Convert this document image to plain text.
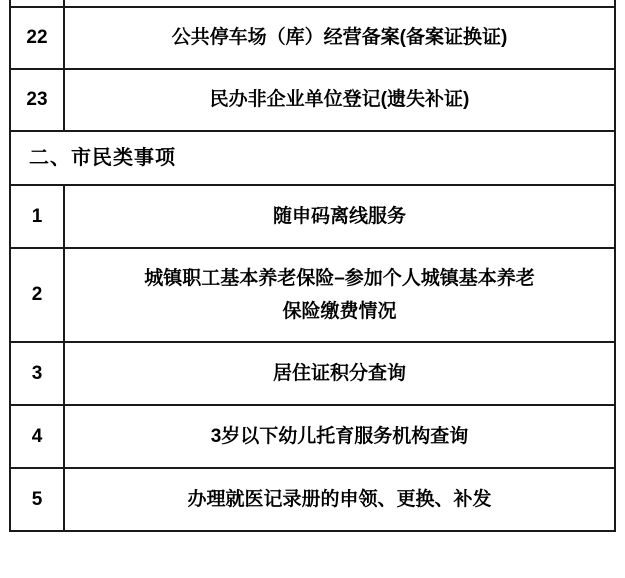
22	公共停车场（库）经营备案(备案证换证)
23	民办非企业单位登记(遗失补证)
二、市民类事项	
1	随申码离线服务
2	城镇职工基本养老保险–参加个人城镇基本养老
保险缴费情况

3	居住证积分查询
4	3岁以下幼儿托育服务机构查询
5	办理就医记录册的申领、更换、补发
